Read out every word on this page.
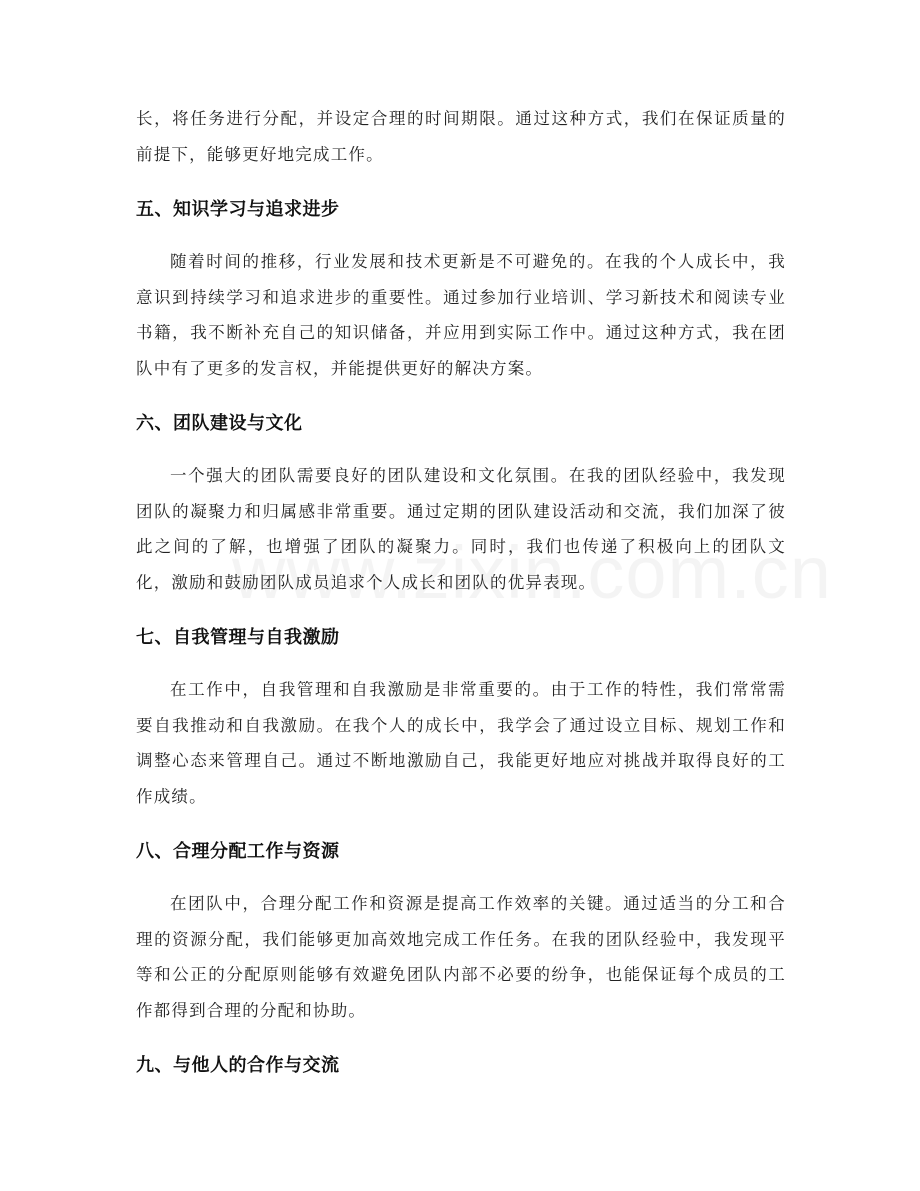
长，将任务进行分配，并设定合理的时间期限。通过这种方式，我们在保证质量的前提下，能够更好地完成工作。

五、知识学习与追求进步

随着时间的推移，行业发展和技术更新是不可避免的。在我的个人成长中，我意识到持续学习和追求进步的重要性。通过参加行业培训、学习新技术和阅读专业书籍，我不断补充自己的知识储备，并应用到实际工作中。通过这种方式，我在团队中有了更多的发言权，并能提供更好的解决方案。

六、团队建设与文化

一个强大的团队需要良好的团队建设和文化氛围。在我的团队经验中，我发现团队的凝聚力和归属感非常重要。通过定期的团队建设活动和交流，我们加深了彼此之间的了解，也增强了团队的凝聚力。同时，我们也传递了积极向上的团队文化，激励和鼓励团队成员追求个人成长和团队的优异表现。

七、自我管理与自我激励

在工作中，自我管理和自我激励是非常重要的。由于工作的特性，我们常常需要自我推动和自我激励。在我个人的成长中，我学会了通过设立目标、规划工作和调整心态来管理自己。通过不断地激励自己，我能更好地应对挑战并取得良好的工作成绩。

八、合理分配工作与资源

在团队中，合理分配工作和资源是提高工作效率的关键。通过适当的分工和合理的资源分配，我们能够更加高效地完成工作任务。在我的团队经验中，我发现平等和公正的分配原则能够有效避免团队内部不必要的纷争，也能保证每个成员的工作都得到合理的分配和协助。

九、与他人的合作与交流
